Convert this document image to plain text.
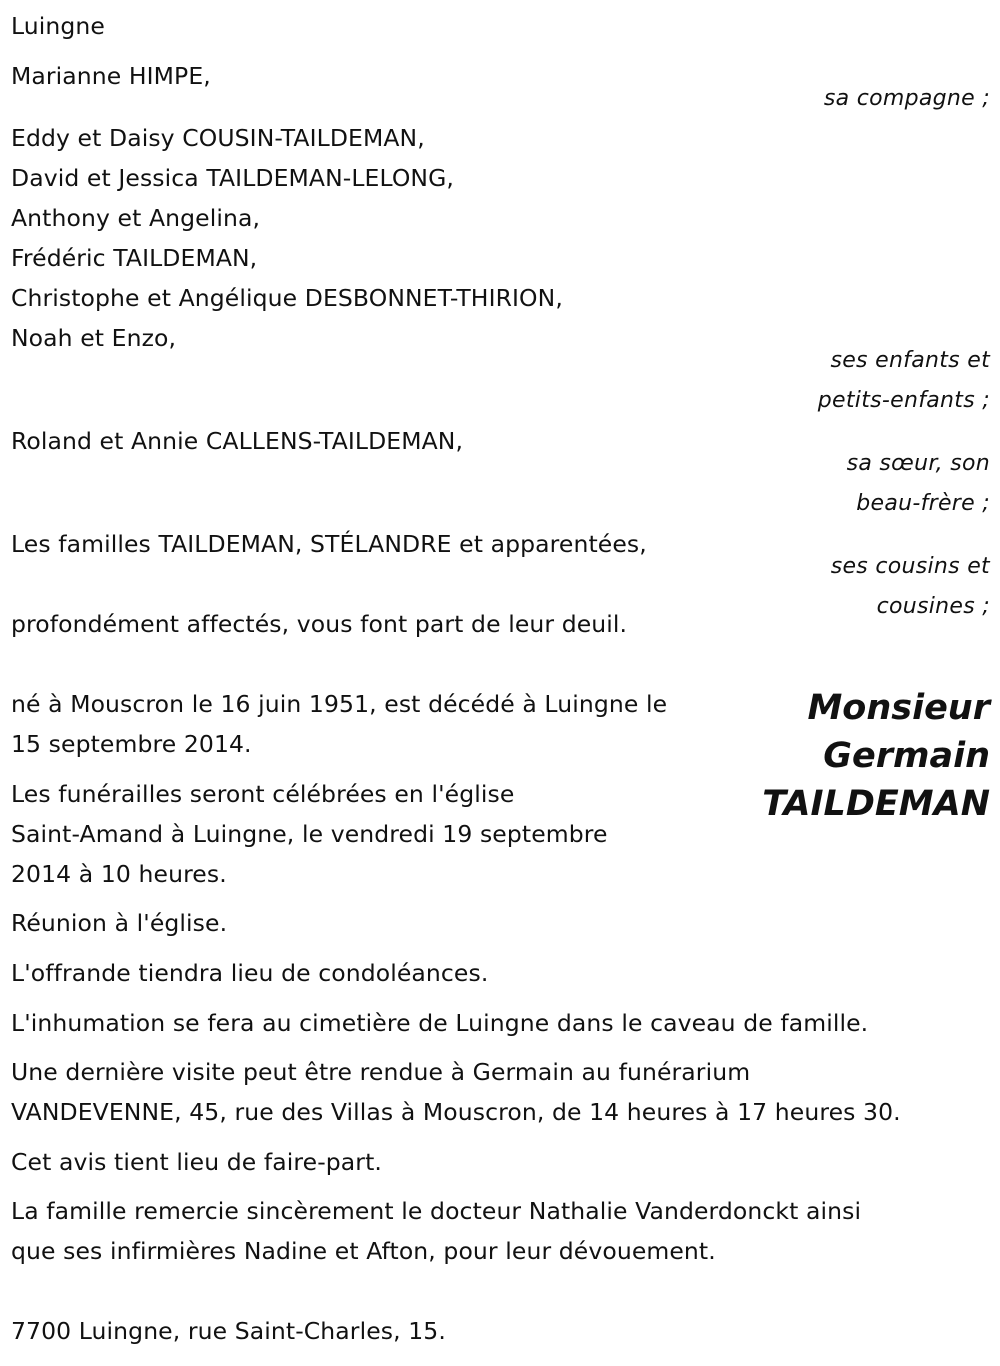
Luingne
Marianne HIMPE,
sa compagne ;
Eddy et Daisy COUSIN-TAILDEMAN,
David et Jessica TAILDEMAN-LELONG,
Anthony et Angelina,
Frédéric TAILDEMAN,
Christophe et Angélique DESBONNET-THIRION,
Noah et Enzo,
ses enfants et
petits-enfants ;
Roland et Annie CALLENS-TAILDEMAN,
sa sœur, son
beau-frère ;
Les familles TAILDEMAN, STÉLANDRE et apparentées,
ses cousins et
cousines ;
profondément affectés, vous font part de leur deuil.
Monsieur
Germain
TAILDEMAN
né à Mouscron le 16 juin 1951, est décédé à Luingne le
15 septembre 2014.
Les funérailles seront célébrées en l'église
Saint-Amand à Luingne, le vendredi 19 septembre
2014 à 10 heures.
Réunion à l'église.
L'offrande tiendra lieu de condoléances.
L'inhumation se fera au cimetière de Luingne dans le caveau de famille.
Une dernière visite peut être rendue à Germain au funérarium
VANDEVENNE, 45, rue des Villas à Mouscron, de 14 heures à 17 heures 30.
Cet avis tient lieu de faire-part.
La famille remercie sincèrement le docteur Nathalie Vanderdonckt ainsi
que ses infirmières Nadine et Afton, pour leur dévouement.
7700 Luingne, rue Saint-Charles, 15.
